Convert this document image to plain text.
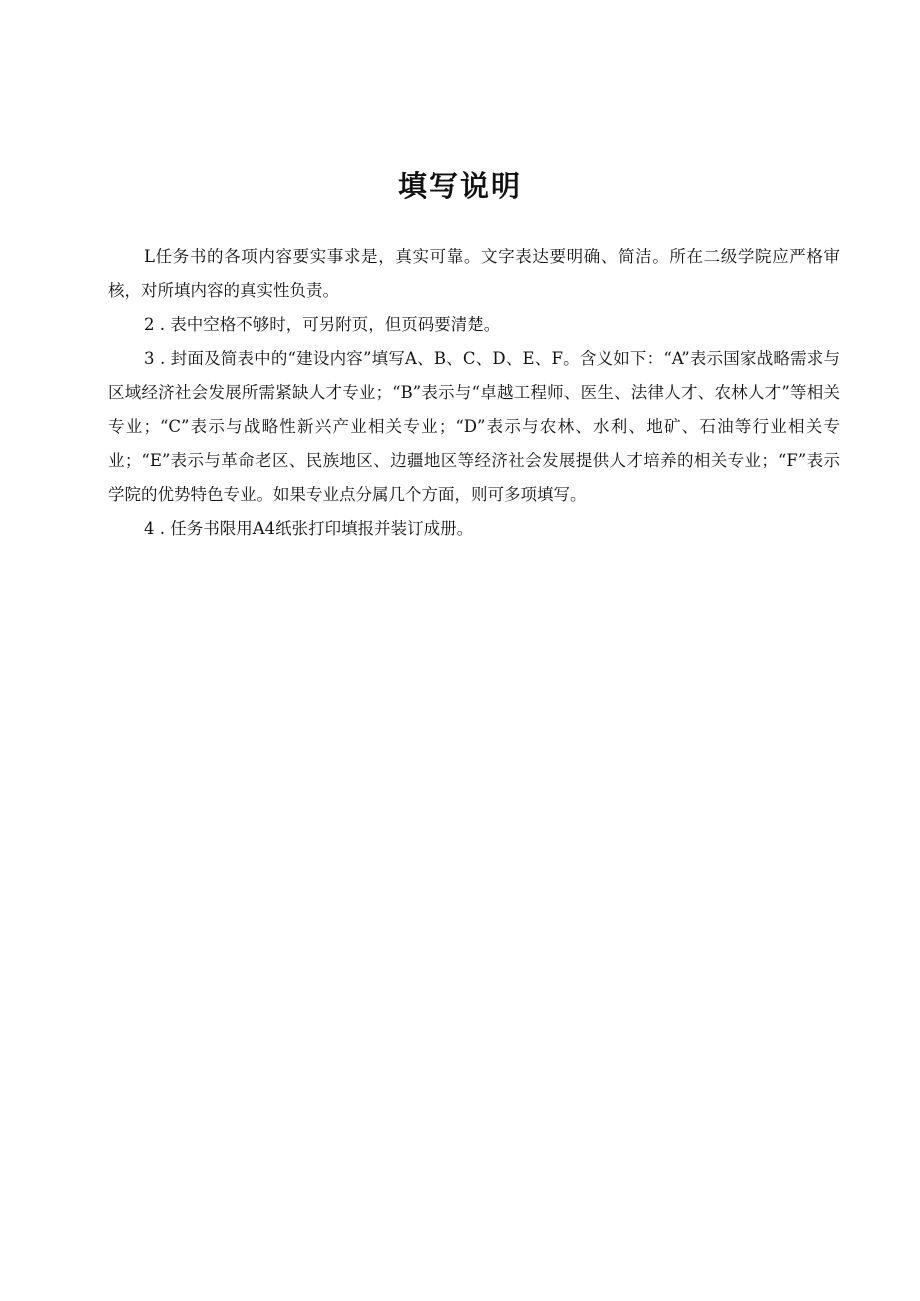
填写说明

L任务书的各项内容要实事求是，真实可靠。文字表达要明确、简洁。所在二级学院应严格审核，对所填内容的真实性负责。

2 . 表中空格不够时，可另附页，但页码要清楚。

3 . 封面及简表中的“建设内容”填写A、B、C、D、E、F。含义如下：“A”表示国家战略需求与区域经济社会发展所需紧缺人才专业；“B”表示与“卓越工程师、医生、法律人才、农林人才”等相关专业；“C”表示与战略性新兴产业相关专业；“D”表示与农林、水利、地矿、石油等行业相关专业；“E”表示与革命老区、民族地区、边疆地区等经济社会发展提供人才培养的相关专业；“F”表示学院的优势特色专业。如果专业点分属几个方面，则可多项填写。

4 . 任务书限用A4纸张打印填报并装订成册。
